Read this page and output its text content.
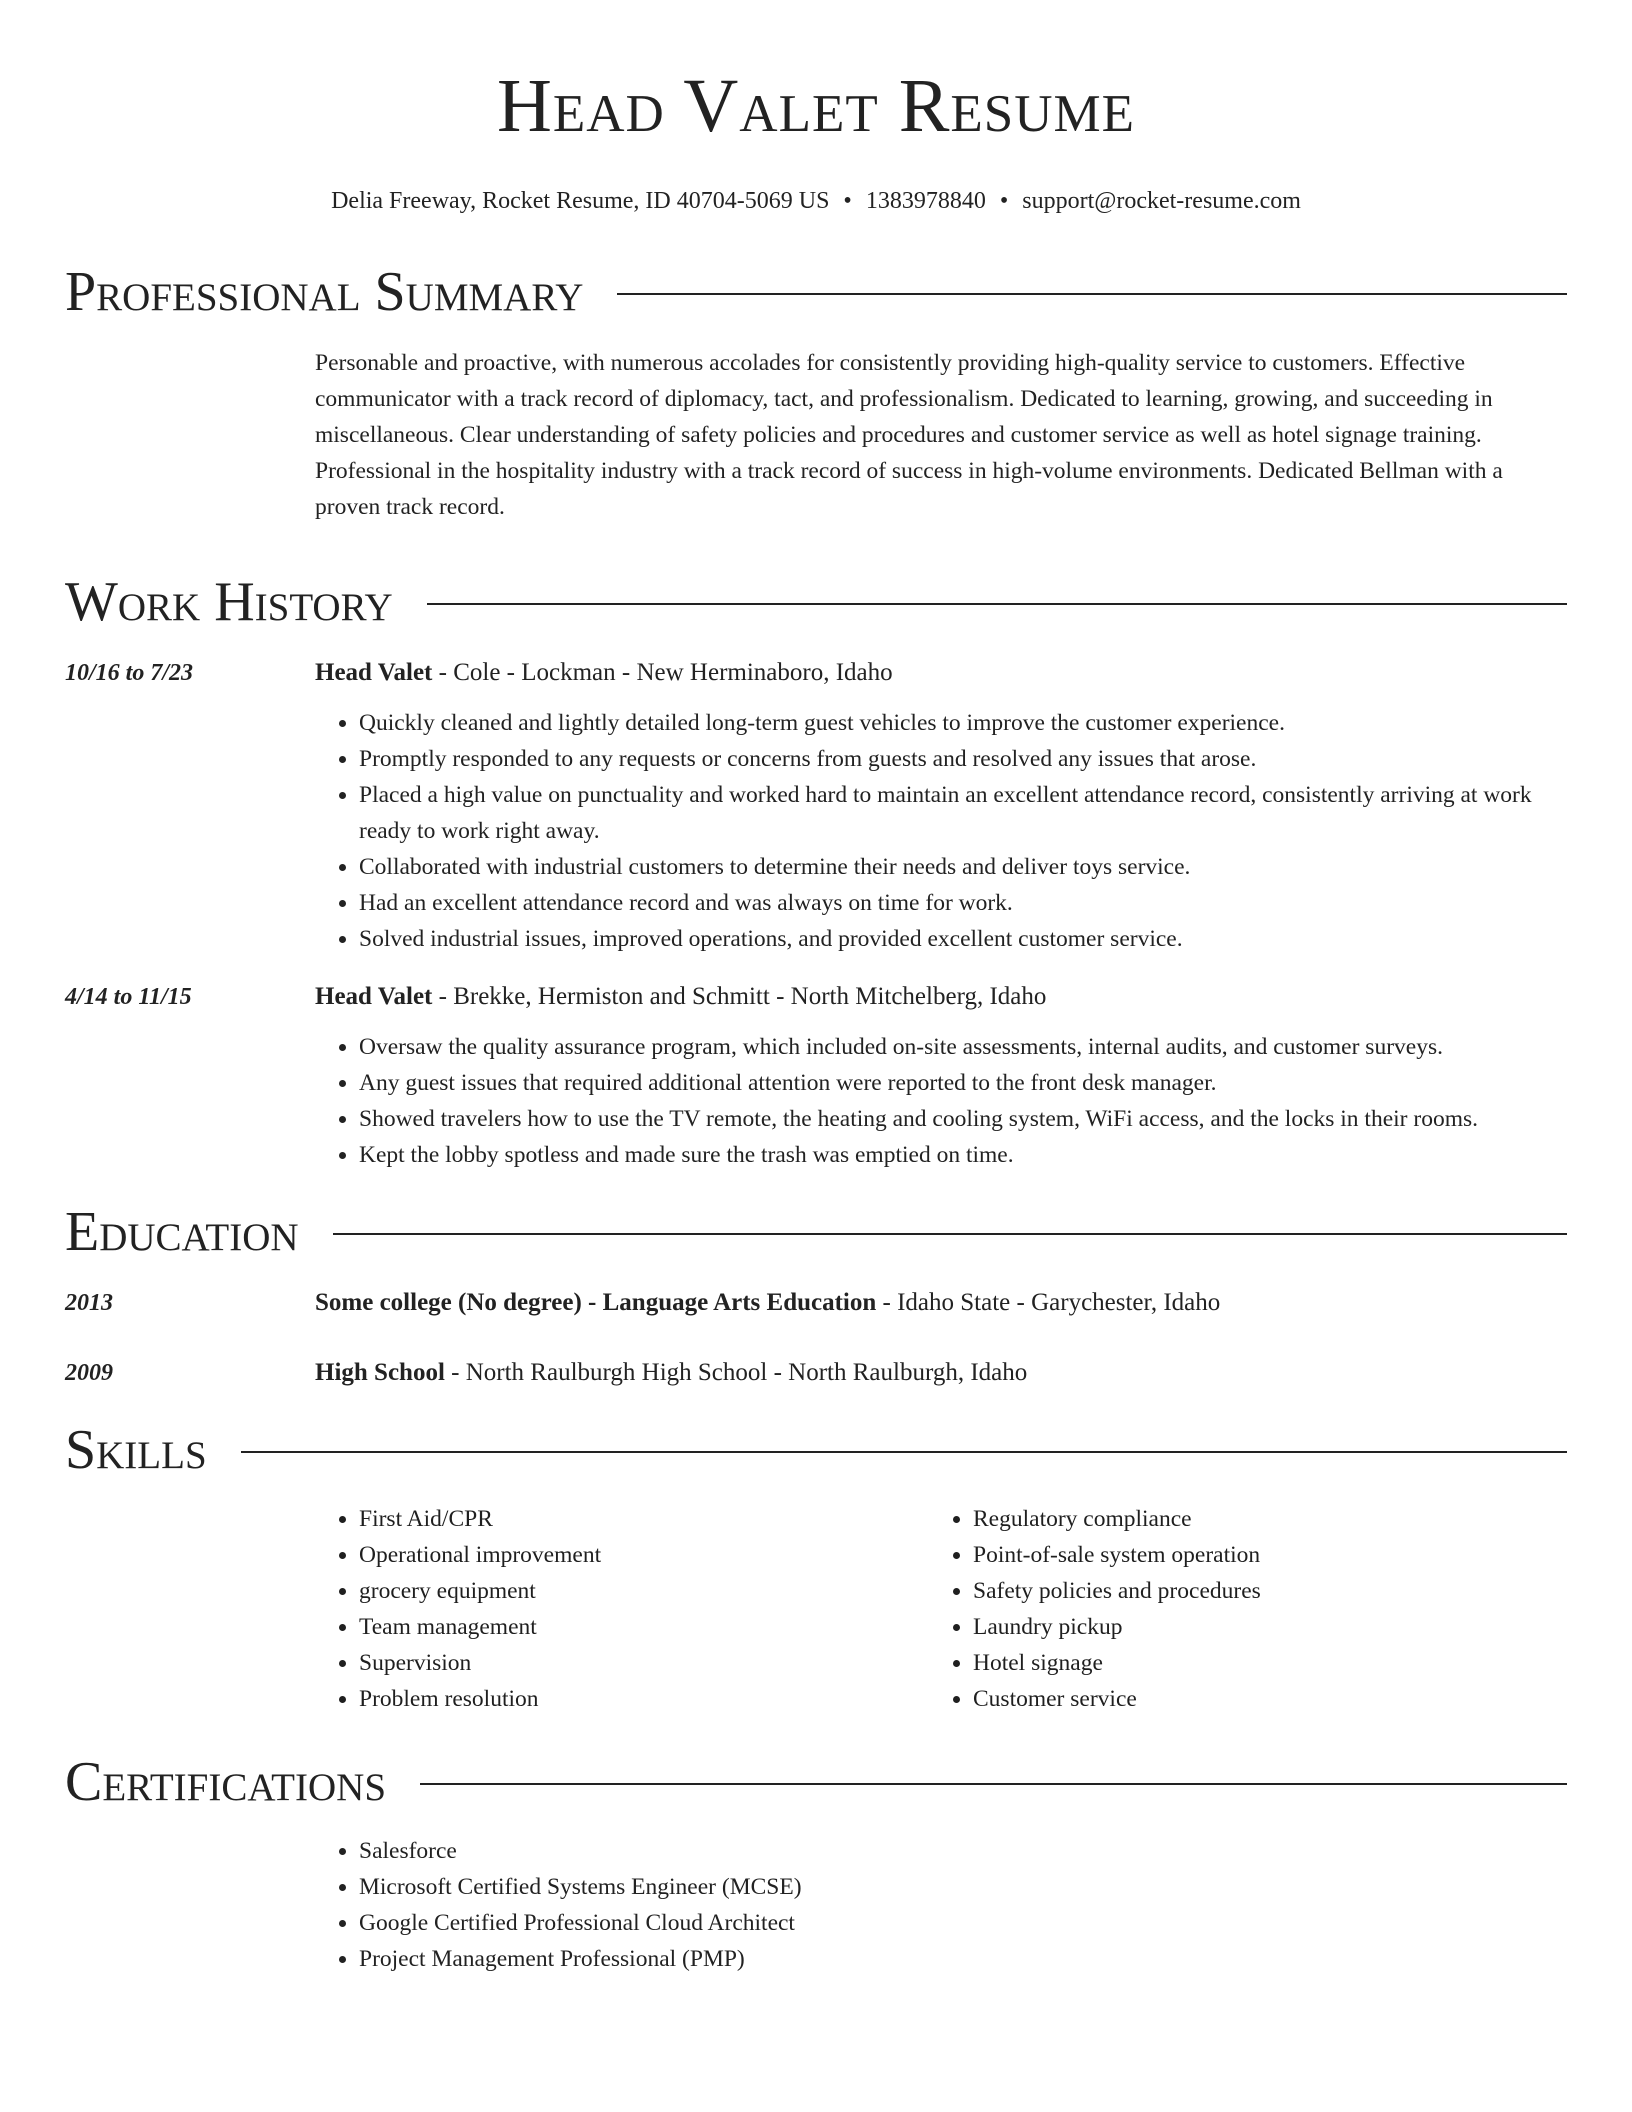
Head Valet Resume
Delia Freeway, Rocket Resume, ID 40704-5069 US • 1383978840 • support@rocket-resume.com
Professional Summary
Personable and proactive, with numerous accolades for consistently providing high-quality service to customers. Effective communicator with a track record of diplomacy, tact, and professionalism. Dedicated to learning, growing, and succeeding in miscellaneous. Clear understanding of safety policies and procedures and customer service as well as hotel signage training. Professional in the hospitality industry with a track record of success in high-volume environments. Dedicated Bellman with a proven track record.
Work History
10/16 to 7/23	Head Valet - Cole - Lockman - New Herminaboro, Idaho
• Quickly cleaned and lightly detailed long-term guest vehicles to improve the customer experience.
• Promptly responded to any requests or concerns from guests and resolved any issues that arose.
• Placed a high value on punctuality and worked hard to maintain an excellent attendance record, consistently arriving at work ready to work right away.
• Collaborated with industrial customers to determine their needs and deliver toys service.
• Had an excellent attendance record and was always on time for work.
• Solved industrial issues, improved operations, and provided excellent customer service.
4/14 to 11/15	Head Valet - Brekke, Hermiston and Schmitt - North Mitchelberg, Idaho
• Oversaw the quality assurance program, which included on-site assessments, internal audits, and customer surveys.
• Any guest issues that required additional attention were reported to the front desk manager.
• Showed travelers how to use the TV remote, the heating and cooling system, WiFi access, and the locks in their rooms.
• Kept the lobby spotless and made sure the trash was emptied on time.
Education
2013	Some college (No degree) - Language Arts Education - Idaho State - Garychester, Idaho
2009	High School - North Raulburgh High School - North Raulburgh, Idaho
Skills
• First Aid/CPR
• Operational improvement
• grocery equipment
• Team management
• Supervision
• Problem resolution
• Regulatory compliance
• Point-of-sale system operation
• Safety policies and procedures
• Laundry pickup
• Hotel signage
• Customer service
Certifications
• Salesforce
• Microsoft Certified Systems Engineer (MCSE)
• Google Certified Professional Cloud Architect
• Project Management Professional (PMP)
